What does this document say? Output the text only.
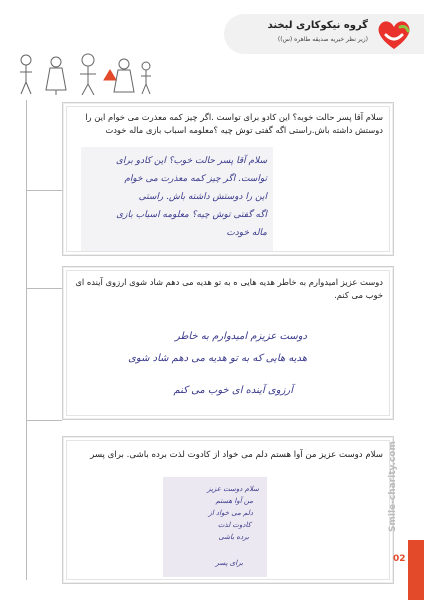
گروه نیکوکاری لبخند
(زیر نظر خیریه صدیقه طاهره (س))
سلام آقا پسر حالت خوبه؟ این کادو برای تواست .اگر چیز کمه معذرت می خوام این را دوستش داشته باش.راستی اگه گفتی توش چیه ؟معلومه اسباب بازی ماله خودت
سلام آقا پسر حالت خوب؟ این کادو برای
تواست. اگر چیز کمه معذرت می خوام
این را دوستش داشته باش. راستی
اگه گفتی توش چیه؟ معلومه اسباب بازی
ماله خودت
دوست عزیز امیدوارم به خاطر هدیه هایی ه به تو هدیه می دهم شاد شوی ارزوی آینده ای خوب می کنم.
دوست عزیزم امیدوارم به خاطر
هدیه هایی که به تو هدیه می دهم شاد شوی
آرزوی آینده ای خوب می کنم
سلام دوست عزیز من آوا هستم دلم می خواد از کادوت لذت برده باشی. برای پسر
سلام دوست عزیز
من آوا هستم
دلم می خواد از
کادوت لذت
برده باشی
برای پسر
Smile-charity.com
02
